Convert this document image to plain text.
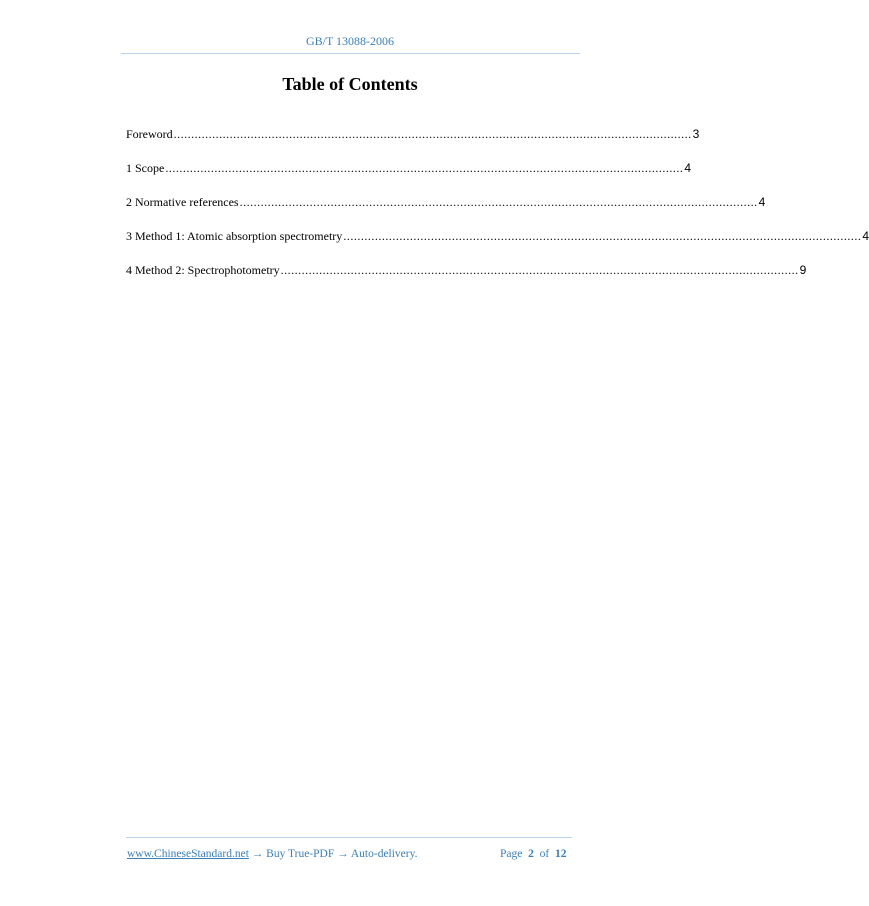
GB/T 13088-2006
Table of Contents
Foreword .................................................................................................................................................... 3
1 Scope .................................................................................................................................................... 4
2 Normative references .................................................................................................................................................... 4
3 Method 1: Atomic absorption spectrometry .................................................................................................................................................... 4
4 Method 2: Spectrophotometry .................................................................................................................................................... 9
www.ChineseStandard.net → Buy True-PDF → Auto-delivery.	Page 2 of 12
